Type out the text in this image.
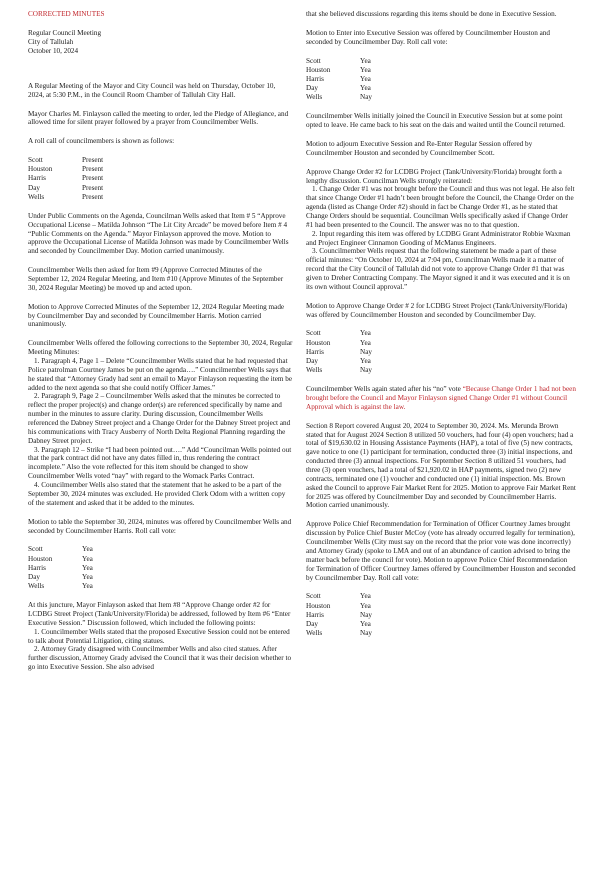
CORRECTED MINUTES
Regular Council Meeting
City of Tallulah
October 10, 2024

A Regular Meeting of the Mayor and City Council was held on Thursday, October 10, 2024, at 5:30 P.M., in the Council Room Chamber of Tallulah City Hall.

Mayor Charles M. Finlayson called the meeting to order, led the Pledge of Allegiance, and allowed time for silent prayer followed by a prayer from Councilmember Wells.

A roll call of councilmembers is shown as follows:

Scott	Present
Houston	Present
Harris	Present
Day	Present
Wells	Present

Under Public Comments on the Agenda, Councilman Wells asked that Item # 5 “Approve Occupational License – Matilda Johnson “The Lit City Arcade” be moved before Item # 4 “Public Comments on the Agenda.” Mayor Finlayson approved the move. Motion to approve the Occupational License of Matilda Johnson was made by Councilmember Wells and seconded by Councilmember Day. Motion carried unanimously.

Councilmember Wells then asked for Item #9 (Approve Corrected Minutes of the September 12, 2024 Regular Meeting, and Item #10 (Approve Minutes of the September 30, 2024 Regular Meeting) be moved up and acted upon.

Motion to Approve Corrected Minutes of the September 12, 2024 Regular Meeting made by Councilmember Day and seconded by Councilmember Harris. Motion carried unanimously.

Councilmember Wells offered the following corrections to the September 30, 2024, Regular Meeting Minutes:

1. Paragraph 4, Page 1 – Delete “Councilmember Wells stated that he had requested that Police patrolman Courtney James be put on the agenda….” Councilmember Wells says that he stated that “Attorney Grady had sent an email to Mayor Finlayson requesting the item be added to the next agenda so that she could notify Officer James.”

2. Paragraph 9, Page 2 – Councilmember Wells asked that the minutes be corrected to reflect the proper project(s) and change order(s) are referenced specifically by name and number in the minutes to assure clarity. During discussion, Councilmember Wells referenced the Dabney Street project and a Change Order for the Dabney Street project and his communications with Tracy Ausberry of North Delta Regional Planning regarding the Dabney Street project.

3. Paragraph 12 – Strike “I had been pointed out….” Add “Councilman Wells pointed out that the park contract did not have any dates filled in, thus rendering the contract incomplete.” Also the vote reflected for this item should be changed to show Councilmember Wells voted “nay” with regard to the Womack Parks Contract.

4. Councilmember Wells also stated that the statement that he asked to be a part of the September 30, 2024 minutes was excluded. He provided Clerk Odom with a written copy of the statement and asked that it be added to the minutes.

Motion to table the September 30, 2024, minutes was offered by Councilmember Wells and seconded by Councilmember Harris. Roll call vote:

Scott	Yea
Houston	Yea
Harris	Yea
Day	Yea
Wells	Yea

At this juncture, Mayor Finlayson asked that Item #8 “Approve Change order #2 for LCDBG Street Project (Tank/University/Florida) be addressed, followed by Item #6 “Enter Executive Session.” Discussion followed, which included the following points:

1. Councilmember Wells stated that the proposed Executive Session could not be entered to talk about Potential Litigation, citing statues.

2. Attorney Grady disagreed with Councilmember Wells and also cited statues. After further discussion, Attorney Grady advised the Council that it was their decision whether to go into Executive Session. She also advised

that she believed discussions regarding this items should be done in Executive Session.

Motion to Enter into Executive Session was offered by Councilmember Houston and seconded by Councilmember Day. Roll call vote:

Scott	Yea
Houston	Yea
Harris	Yea
Day	Yea
Wells	Nay

Councilmember Wells initially joined the Council in Executive Session but at some point opted to leave. He came back to his seat on the dais and waited until the Council returned.

Motion to adjourn Executive Session and Re-Enter Regular Session offered by Councilmember Houston and seconded by Councilmember Scott.

Approve Change Order #2 for LCDBG Project (Tank/University/Florida) brought forth a lengthy discussion. Councilman Wells strongly reiterated:

1. Change Order #1 was not brought before the Council and thus was not legal. He also felt that since Change Order #1 hadn’t been brought before the Council, the Change Order on the agenda (listed as Change Order #2) should in fact be Change Order #1, as he stated that Change Orders should be sequential. Councilman Wells specifically asked if Change Order #1 had been presented to the Council. The answer was no to that question.

2. Input regarding this item was offered by LCDBG Grant Administrator Robbie Waxman and Project Engineer Cinnamon Gooding of McManus Engineers.

3. Councilmember Wells request that the following statement be made a part of these official minutes: “On October 10, 2024 at 7:04 pm, Councilman Wells made it a matter of record that the City Council of Tallulah did not vote to approve Change Order #1 that was given to Dreher Contracting Company. The Mayor signed it and it was executed and it is on its own without Council approval.”

Motion to Approve Change Order # 2 for LCDBG Street Project (Tank/University/Florida) was offered by Councilmember Houston and seconded by Councilmember Day.

Scott	Yea
Houston	Yea
Harris	Nay
Day	Yea
Wells	Nay

Councilmember Wells again stated after his “no” vote “Because Change Order 1 had not been brought before the Council and Mayor Finlayson signed Change Order #1 without Council Approval which is against the law.

Section 8 Report covered August 20, 2024 to September 30, 2024. Ms. Merunda Brown stated that for August 2024 Section 8 utilized 50 vouchers, had four (4) open vouchers; had a total of $19,630.02 in Housing Assistance Payments (HAP), a total of five (5) new contracts, gave notice to one (1) participant for termination, conducted three (3) initial inspections, and conducted three (3) annual inspections. For September Section 8 utilized 51 vouchers, had three (3) open vouchers, had a total of $21,920.02 in HAP payments, signed two (2) new contracts, terminated one (1) voucher and conducted one (1) initial inspection. Ms. Brown asked the Council to approve Fair Market Rent for 2025. Motion to approve Fair Market Rent for 2025 was offered by Councilmember Day and seconded by Councilmember Harris. Motion carried unanimously.

Approve Police Chief Recommendation for Termination of Officer Courtney James brought discussion by Police Chief Buster McCoy (vote has already occurred legally for termination), Councilmember Wells (City must say on the record that the prior vote was done incorrectly) and Attorney Grady (spoke to LMA and out of an abundance of caution advised to bring the matter back before the council for vote). Motion to approve Police Chief Recommendation for Termination of Officer Courtney James offered by Councilmember Houston and seconded by Councilmember Day. Roll call vote:

Scott	Yea
Houston	Yea
Harris	Nay
Day	Yea
Wells	Nay
